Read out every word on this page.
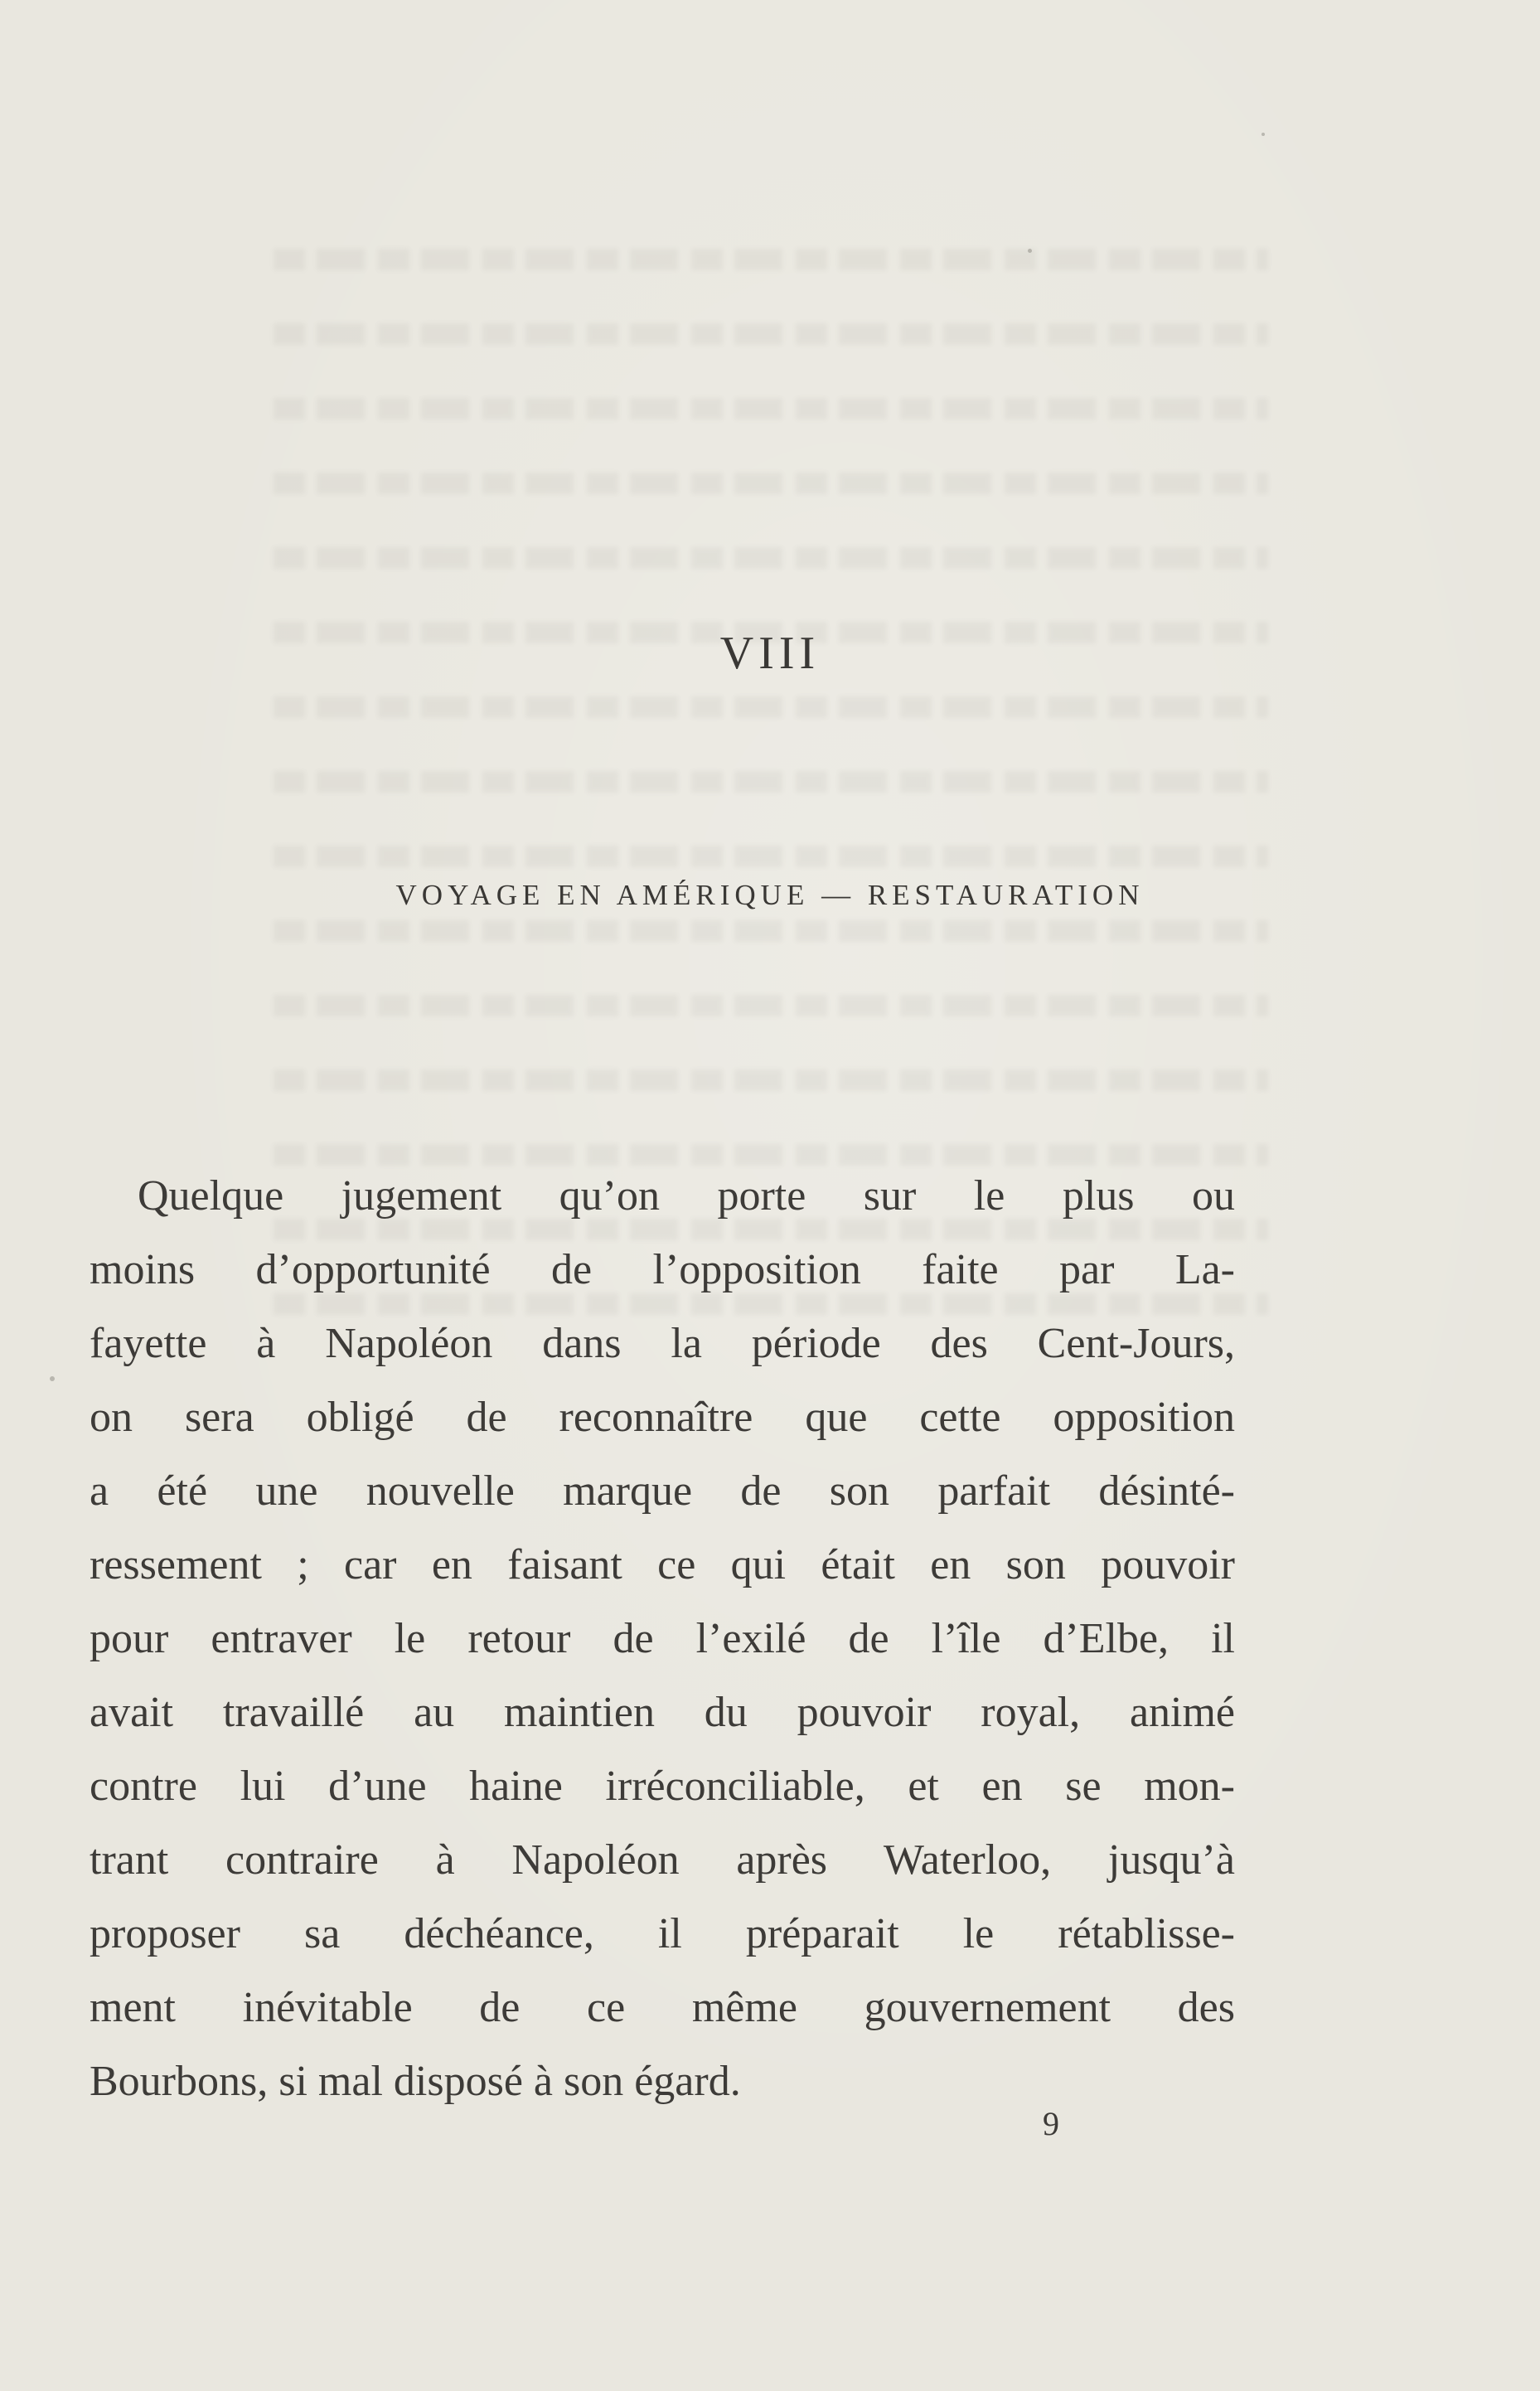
VIII
VOYAGE EN AMÉRIQUE — RESTAURATION
Quelque jugement qu’on porte sur le plus ou
moins d’opportunité de l’opposition faite par La-
fayette à Napoléon dans la période des Cent-Jours,
on sera obligé de reconnaître que cette opposition
a été une nouvelle marque de son parfait désinté-
ressement ; car en faisant ce qui était en son pouvoir
pour entraver le retour de l’exilé de l’île d’Elbe, il
avait travaillé au maintien du pouvoir royal, animé
contre lui d’une haine irréconciliable, et en se mon-
trant contraire à Napoléon après Waterloo, jusqu’à
proposer sa déchéance, il préparait le rétablisse-
ment inévitable de ce même gouvernement des
Bourbons, si mal disposé à son égard.
9
